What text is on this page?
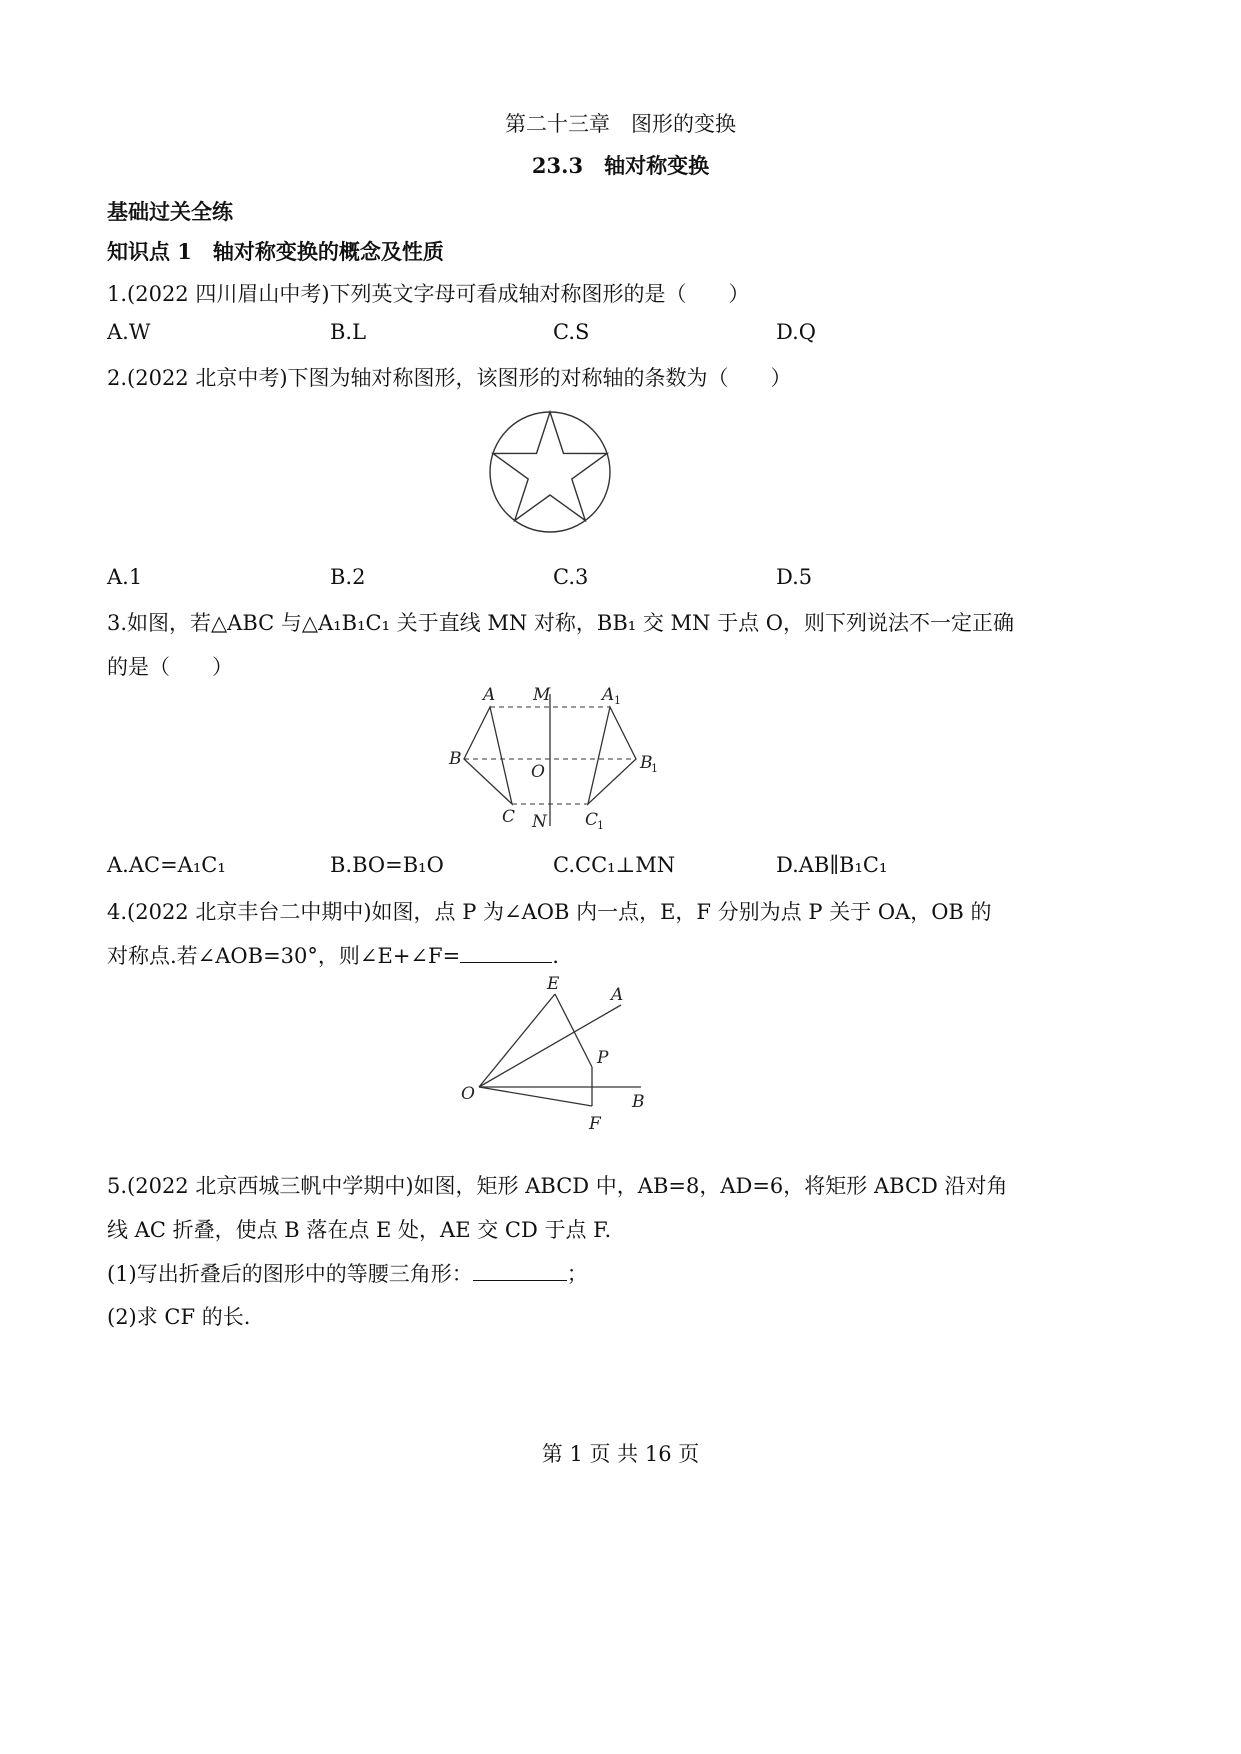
第二十三章　图形的变换
23.3　轴对称变换
基础过关全练
知识点 1　轴对称变换的概念及性质
1.(2022 四川眉山中考)下列英文字母可看成轴对称图形的是（　　）
A.W	B.L	C.S	D.Q
2.(2022 北京中考)下图为轴对称图形，该图形的对称轴的条数为（　　）
A.1	B.2	C.3	D.5
3.如图，若△ABC 与△A₁B₁C₁ 关于直线 MN 对称，BB₁ 交 MN 于点 O，则下列说法不一定正确
的是（　　）
A M	A 1
B
O	B
1
C N C
1
A.AC=A₁C₁	B.BO=B₁O	C.CC₁⊥MN	D.AB∥B₁C₁
4.(2022 北京丰台二中期中)如图，点 P 为∠AOB 内一点，E，F 分别为点 P 关于 OA，OB 的
对称点.若∠AOB=30°，则∠E+∠F=	.
E
A
P
O	B
F
5.(2022 北京西城三帆中学期中)如图，矩形 ABCD 中，AB=8，AD=6，将矩形 ABCD 沿对角
线 AC 折叠，使点 B 落在点 E 处，AE 交 CD 于点 F.
(1)写出折叠后的图形中的等腰三角形：	；
(2)求 CF 的长.
第 1 页 共 16 页
